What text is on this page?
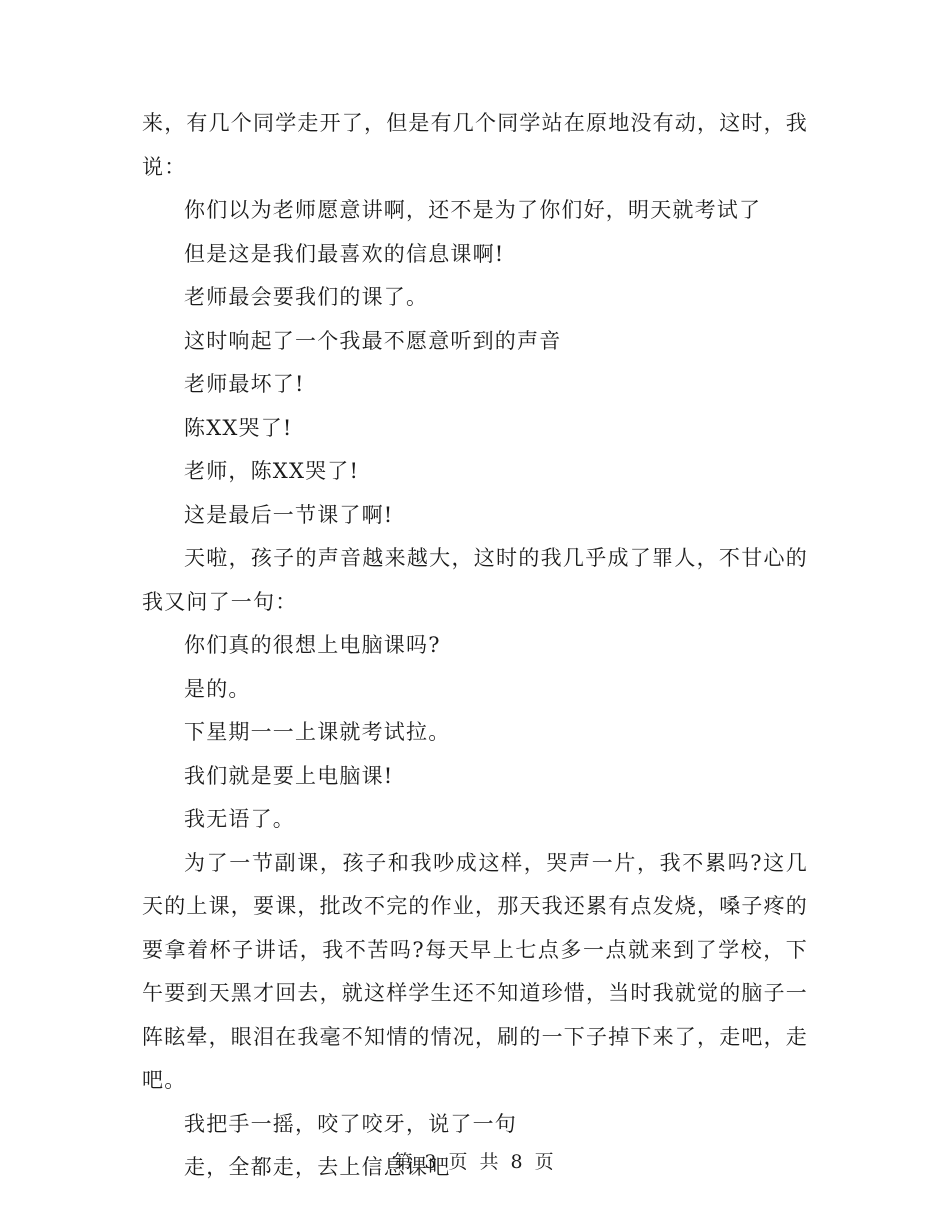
来，有几个同学走开了，但是有几个同学站在原地没有动，这时，我说：

你们以为老师愿意讲啊，还不是为了你们好，明天就考试了

但是这是我们最喜欢的信息课啊!

老师最会要我们的课了。

这时响起了一个我最不愿意听到的声音

老师最坏了!

陈XX哭了!

老师，陈XX哭了!

这是最后一节课了啊!

天啦，孩子的声音越来越大，这时的我几乎成了罪人，不甘心的我又问了一句：

你们真的很想上电脑课吗?

是的。

下星期一一上课就考试拉。

我们就是要上电脑课!

我无语了。

为了一节副课，孩子和我吵成这样，哭声一片，我不累吗?这几天的上课，要课，批改不完的作业，那天我还累有点发烧，嗓子疼的要拿着杯子讲话，我不苦吗?每天早上七点多一点就来到了学校，下午要到天黑才回去，就这样学生还不知道珍惜，当时我就觉的脑子一阵眩晕，眼泪在我毫不知情的情况，刷的一下子掉下来了，走吧，走吧。

我把手一摇，咬了咬牙，说了一句

走，全都走，去上信息课吧

第 3 页 共 8 页
